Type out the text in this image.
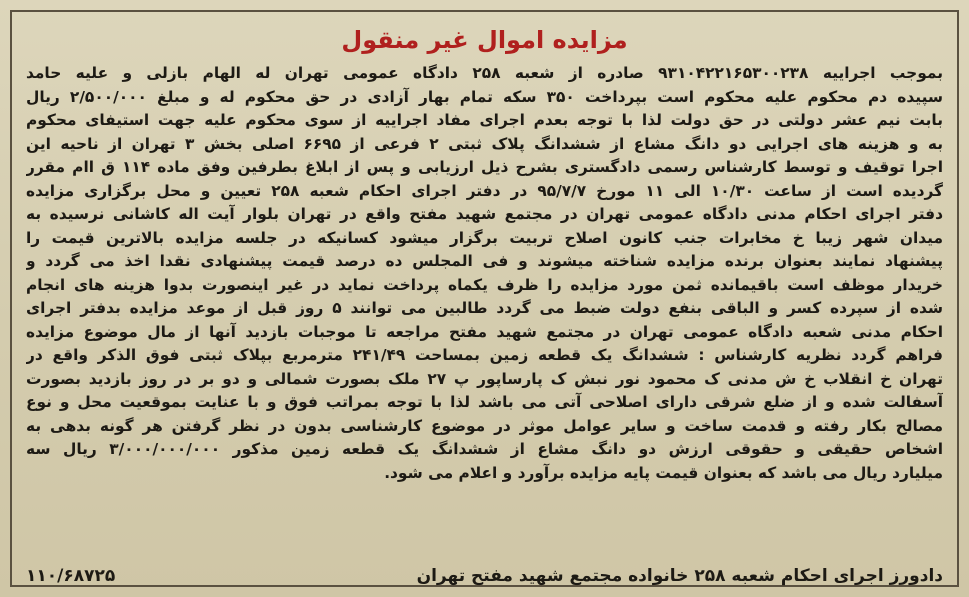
مزایده اموال غیر منقول
بموجب اجراییه ۹۳۱۰۴۲۲۱۶۵۳۰۰۲۳۸ صادره از شعبه ۲۵۸ دادگاه عمومی تهران له الهام بازلی و علیه حامد
سپیده دم محکوم علیه محکوم است بپرداخت ۳۵۰ سکه تمام بهار آزادی در حق محکوم له و مبلغ ۲/۵۰۰/۰۰۰ ریال
بابت نیم عشر دولتی در حق دولت لذا با توجه بعدم اجرای مفاد اجراییه از سوی محکوم علیه جهت استیفای محکوم
به و هزینه های اجرایی دو دانگ مشاع از ششدانگ پلاک ثبتی ۲ فرعی از ۶۶۹۵ اصلی بخش ۳ تهران از ناحیه این
اجرا توقیف و توسط کارشناس رسمی دادگستری بشرح ذیل ارزیابی و پس از ابلاغ بطرفین وفق ماده ۱۱۴ ق اام مقرر
گردیده است از ساعت ۱۰/۳۰ الی ۱۱ مورخ ۹۵/۷/۷ در دفتر اجرای احکام شعبه ۲۵۸ تعیین و محل برگزاری مزایده
دفتر اجرای احکام مدنی دادگاه عمومی تهران در مجتمع شهید مفتح واقع در تهران بلوار آیت اله کاشانی نرسیده به
میدان شهر زیبا خ مخابرات جنب کانون اصلاح تربیت برگزار میشود کسانیکه در جلسه مزایده بالاترین قیمت را
پیشنهاد نمایند بعنوان برنده مزایده شناخته میشوند و فی المجلس ده درصد قیمت پیشنهادی نقدا اخذ می گردد و
خریدار موظف است باقیمانده ثمن مورد مزایده را ظرف یکماه پرداخت نماید در غیر اینصورت بدوا هزینه های انجام
شده از سپرده کسر و الباقی بنفع دولت ضبط می گردد طالبین می توانند ۵ روز قبل از موعد مزایده بدفتر اجرای
احکام مدنی شعبه دادگاه عمومی تهران در مجتمع شهید مفتح مراجعه تا موجبات بازدید آنها از مال موضوع مزایده
فراهم گردد نظریه کارشناس : ششدانگ یک قطعه زمین بمساحت ۲۴۱/۴۹ مترمربع بپلاک ثبتی فوق الذکر واقع در
تهران خ انقلاب خ ش مدنی ک محمود نور نبش ک پارساپور پ ۲۷ ملک بصورت شمالی و دو بر در روز بازدید بصورت
آسفالت شده و از ضلع شرقی دارای اصلاحی آتی می باشد لذا با توجه بمراتب فوق و با عنایت بموقعیت محل و نوع
مصالح بکار رفته و قدمت ساخت و سایر عوامل موثر در موضوع کارشناسی بدون در نظر گرفتن هر گونه بدهی به
اشخاص حقیقی و حقوقی ارزش دو دانگ مشاع از ششدانگ یک قطعه زمین مذکور ۳/۰۰۰/۰۰۰/۰۰۰ ریال سه
میلیارد ریال می باشد که بعنوان قیمت پایه مزایده برآورد و اعلام می شود.
دادورز اجرای احکام شعبه ۲۵۸ خانواده مجتمع شهید مفتح تهران
۱۱۰/۶۸۷۲۵
